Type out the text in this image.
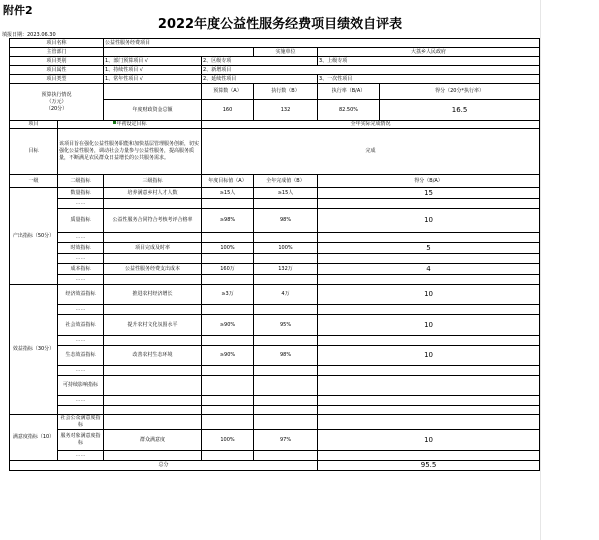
附件2
2022年度公益性服务经费项目绩效自评表
填报日期：2023.06.30
项目名称		公益性服务经费项目				
主管部门				实施单位	大荔乡人民政府	
项目类别		1、部门预算项目 √	2、区级专项		3、上级专项	
项目属性		1、持续性项目 √	2、新增项目			
项目类型		1、常年性项目 √	2、延续性项目		3、一次性项目	
预算执行情况
（万元）
（20分）			预算数（A）	执行数（B）	执行率（B/A）	得分（20分*执行率）
		年度财政资金总额	160	132	82.50%	16.5
项目	年初设定目标		全年实际完成情况			
目标	该项目旨在强化公益性服务职能和加快基层管理服务创新，切实强化公益性服务，调动社会力量参与公益性服务，提高服务质量，不断满足农民群众日益增长的公共服务需求。		完成			
一级	二级指标	三级指标	年度目标值（A）	全年完成值（B）	得分（B/A）	
产出指标（50分）	数量指标	培养满意乡村人才人数	≥15人	≥15人	15	
	……					
	质量指标	公益性服务合同符合考核考评合格率	≥98%	98%	10	
	……					
	时效指标	项目完成及时率	100%	100%	5	
	……					
	成本指标	公益性服务经费支出成本	160万	132万	4	
	……					
效益指标（30分）	经济效益指标	推进农村经济增长	≥3万	4万	10	
	……					
	社会效益指标	提升农村文化氛围水平	≥90%	95%	10	
	……					
	生态效益指标	改善农村生态环境	≥90%	98%	10	
	……					
	可持续影响指标					
	……					

满意度指标（10）	社会公众满意度指标					
	服务对象满意度指标	群众满意度	100%	97%	10	
	……					
总分					95.5	
